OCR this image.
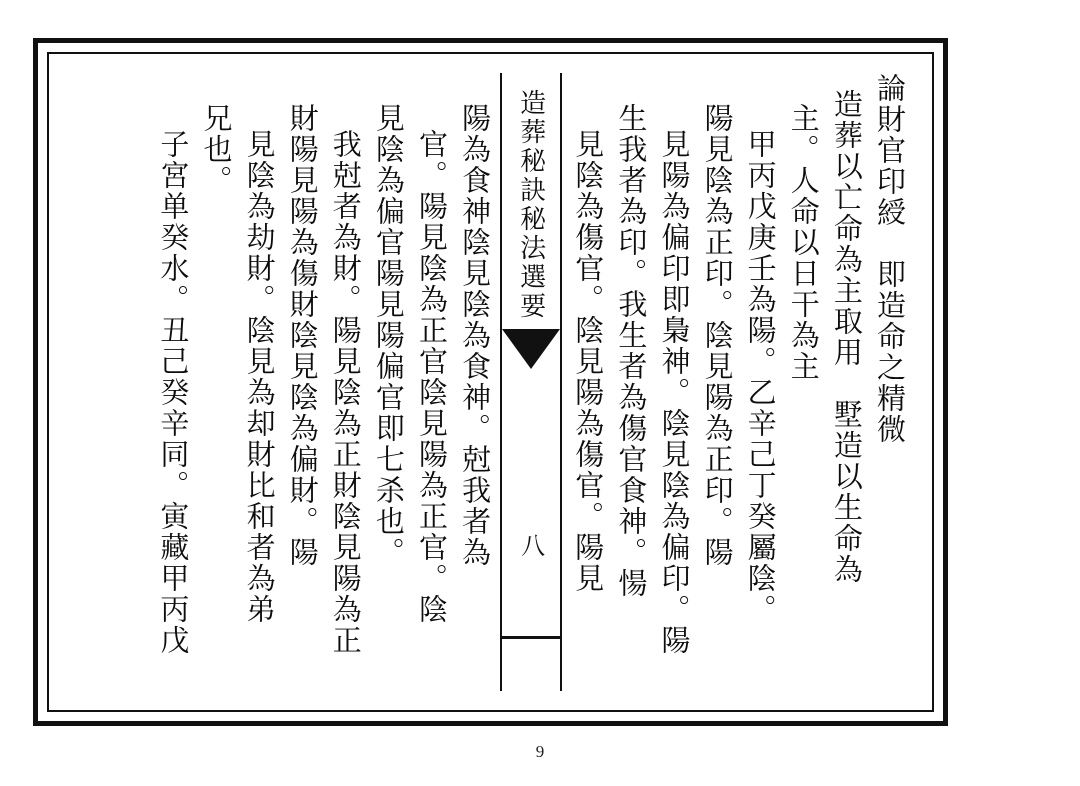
論財官印綬　即造命之精微
造葬以亡命為主取用　墅造以生命為
主。人命以日干為主
甲丙戊庚壬為陽。乙辛己丁癸屬陰。
陽見陰為正印。陰見陽為正印。陽
見陽為偏印即梟神。陰見陰為偏印。陽
生我者為印。我生者為傷官食神。愓
見陰為傷官。陰見陽為傷官。陽見
造葬秘訣秘法選要
八
陽為食神陰見陰為食神。尅我者為
官。陽見陰為正官陰見陽為正官。陰
見陰為偏官陽見陽偏官即七杀也。
我尅者為財。陽見陰為正財陰見陽為正
財陽見陽為傷財陰見陰為偏財。陽
見陰為劫財。陰見為却財比和者為弟
兄也。
子宮单癸水。丑己癸辛同。寅藏甲丙戊
9
